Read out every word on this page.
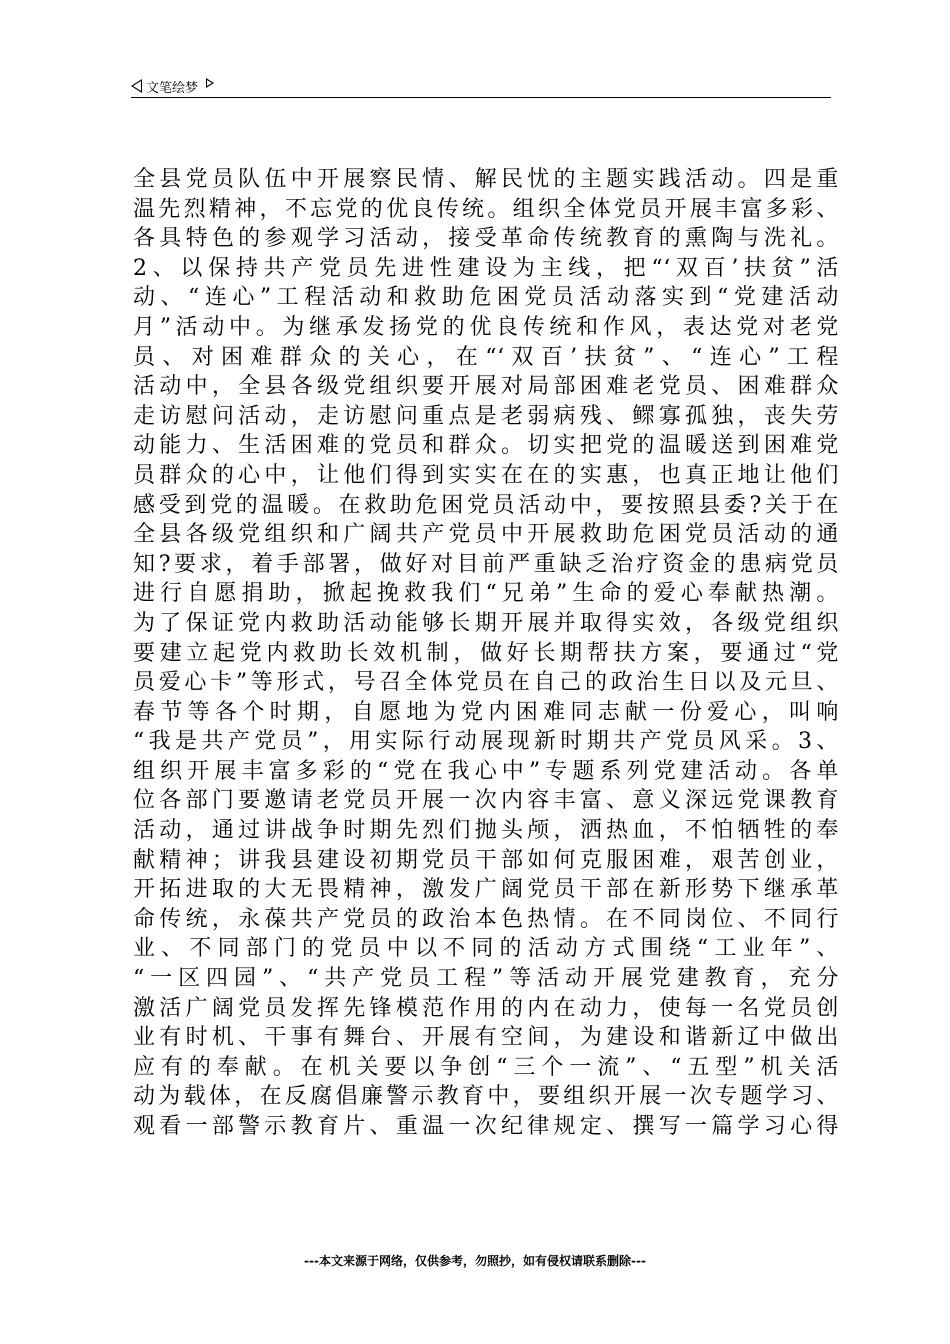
文笔绘梦
全县党员队伍中开展察民情、解民忧的主题实践活动。四是重
温先烈精神，不忘党的优良传统。组织全体党员开展丰富多彩、
各具特色的参观学习活动，接受革命传统教育的熏陶与洗礼。
2、以保持共产党员先进性建设为主线，把“‘双百’扶贫”活
动、“连心”工程活动和救助危困党员活动落实到“党建活动
月”活动中。为继承发扬党的优良传统和作风，表达党对老党
员、对困难群众的关心，在“‘双百’扶贫”、“连心”工程
活动中，全县各级党组织要开展对局部困难老党员、困难群众
走访慰问活动，走访慰问重点是老弱病残、鳏寡孤独，丧失劳
动能力、生活困难的党员和群众。切实把党的温暖送到困难党
员群众的心中，让他们得到实实在在的实惠，也真正地让他们
感受到党的温暖。在救助危困党员活动中，要按照县委?关于在
全县各级党组织和广阔共产党员中开展救助危困党员活动的通
知?要求，着手部署，做好对目前严重缺乏治疗资金的患病党员
进行自愿捐助，掀起挽救我们“兄弟”生命的爱心奉献热潮。
为了保证党内救助活动能够长期开展并取得实效，各级党组织
要建立起党内救助长效机制，做好长期帮扶方案，要通过“党
员爱心卡”等形式，号召全体党员在自己的政治生日以及元旦、
春节等各个时期，自愿地为党内困难同志献一份爱心，叫响
“我是共产党员”，用实际行动展现新时期共产党员风采。3、
组织开展丰富多彩的“党在我心中”专题系列党建活动。各单
位各部门要邀请老党员开展一次内容丰富、意义深远党课教育
活动，通过讲战争时期先烈们抛头颅，洒热血，不怕牺牲的奉
献精神；讲我县建设初期党员干部如何克服困难，艰苦创业，
开拓进取的大无畏精神，激发广阔党员干部在新形势下继承革
命传统，永葆共产党员的政治本色热情。在不同岗位、不同行
业、不同部门的党员中以不同的活动方式围绕“工业年”、
“一区四园”、“共产党员工程”等活动开展党建教育，充分
激活广阔党员发挥先锋模范作用的内在动力，使每一名党员创
业有时机、干事有舞台、开展有空间，为建设和谐新辽中做出
应有的奉献。在机关要以争创“三个一流”、“五型”机关活
动为载体，在反腐倡廉警示教育中，要组织开展一次专题学习、
观看一部警示教育片、重温一次纪律规定、撰写一篇学习心得
---本文来源于网络，仅供参考，勿照抄，如有侵权请联系删除---
